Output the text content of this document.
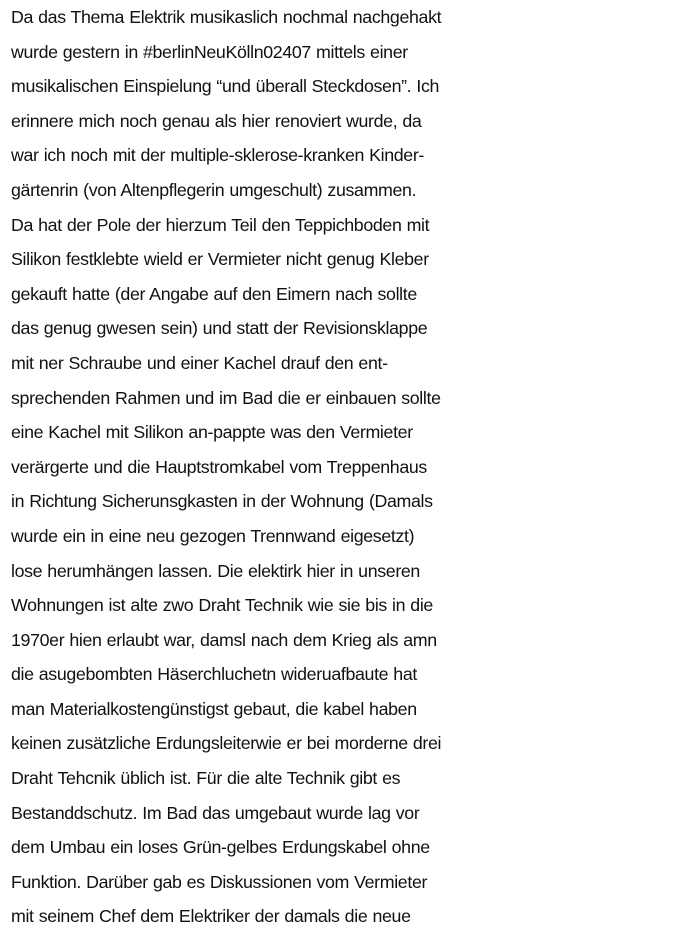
Da das Thema Elektrik musikaslich nochmal nachgehakt
wurde gestern in #berlinNeuKölln02407 mittels einer
musikalischen Einspielung “und überall Steckdosen”. Ich
erinnere mich noch genau als hier renoviert wurde, da
war ich noch mit der multiple-sklerose-kranken Kinder-
gärtenrin (von Altenpflegerin umgeschult) zusammen.
Da hat der Pole der hierzum Teil den Teppichboden mit
Silikon festklebte wield er Vermieter nicht genug Kleber
gekauft hatte (der Angabe auf den Eimern nach sollte
das genug gwesen sein) und statt der Revisionsklappe
mit ner Schraube und einer Kachel drauf den ent-
sprechenden Rahmen und im Bad die er einbauen sollte
eine Kachel mit Silikon an-pappte was den Vermieter
verärgerte und die Hauptstromkabel vom Treppenhaus
in Richtung Sicherunsgkasten in der Wohnung (Damals
wurde ein in eine neu gezogen Trennwand eigesetzt)
lose herumhängen lassen. Die elektirk hier in unseren
Wohnungen ist alte zwo Draht Technik wie sie bis in die
1970er hien erlaubt war, damsl nach dem Krieg als amn
die asugebombten Häserchluchetn wideruafbaute hat
man Materialkostengünstigst gebaut, die kabel haben
keinen zusätzliche Erdungsleiterwie er bei morderne drei
Draht Tehcnik üblich ist. Für die alte Technik gibt es
Bestanddschutz. Im Bad das umgebaut wurde lag vor
dem Umbau ein loses Grün-gelbes Erdungskabel ohne
Funktion. Darüber gab es Diskussionen vom Vermieter
mit seinem Chef dem Elektriker der damals die neue
